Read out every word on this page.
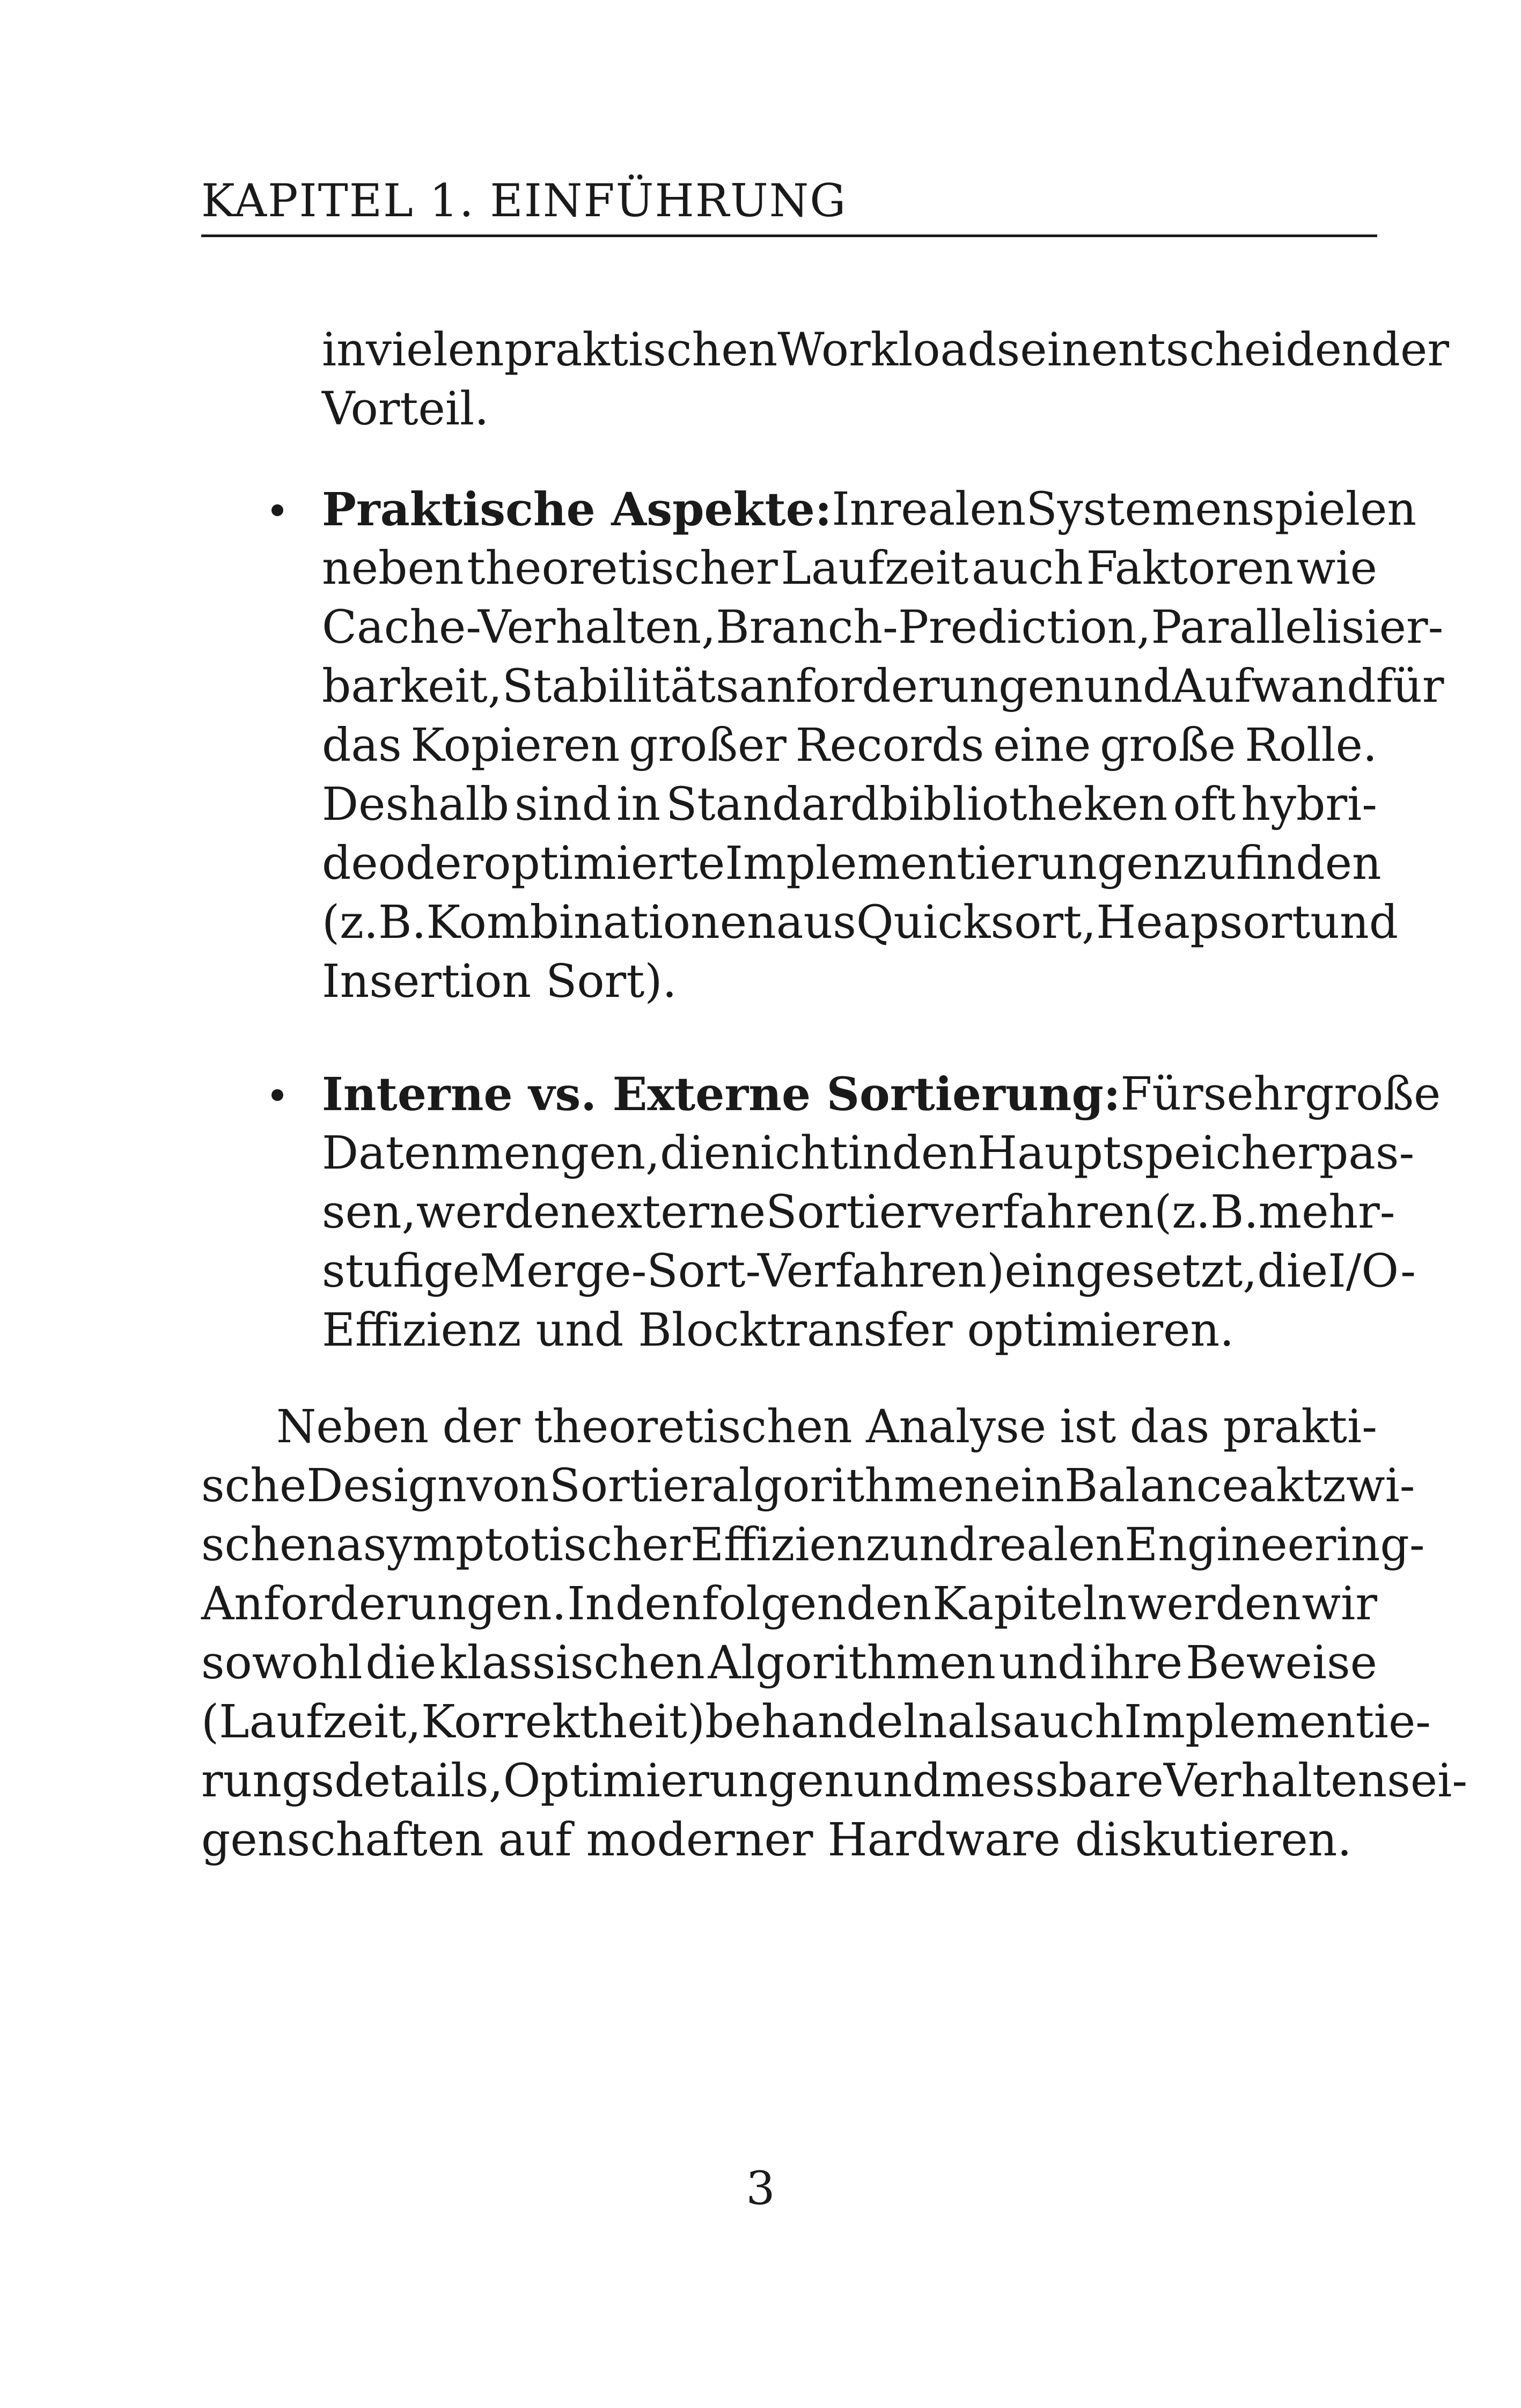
KAPITEL 1. EINFÜHRUNG
in vielen praktischen Workloads ein entscheidender
Vorteil.
Praktische Aspekte: In realen Systemen spielen
neben theoretischer Laufzeit auch Faktoren wie
Cache-Verhalten, Branch-Prediction, Parallelisier-
barkeit, Stabilitätsanforderungen und Aufwand für
das Kopieren großer Records eine große Rolle.
Deshalb sind in Standardbibliotheken oft hybri-
de oder optimierte Implementierungen zu finden
(z. B. Kombinationen aus Quicksort, Heapsort und
Insertion Sort).
Interne vs. Externe Sortierung: Für sehr große
Datenmengen, die nicht in den Hauptspeicher pas-
sen, werden externe Sortierverfahren (z. B. mehr-
stufige Merge-Sort-Verfahren) eingesetzt, die I/O-
Effizienz und Blocktransfer optimieren.
Neben der theoretischen Analyse ist das prakti-
sche Design von Sortieralgorithmen ein Balanceakt zwi-
schen asymptotischer Effizienz und realen Engineering-
Anforderungen. In den folgenden Kapiteln werden wir
sowohl die klassischen Algorithmen und ihre Beweise
(Laufzeit, Korrektheit) behandeln als auch Implementie-
rungsdetails, Optimierungen und messbare Verhaltensei-
genschaften auf moderner Hardware diskutieren.
3
